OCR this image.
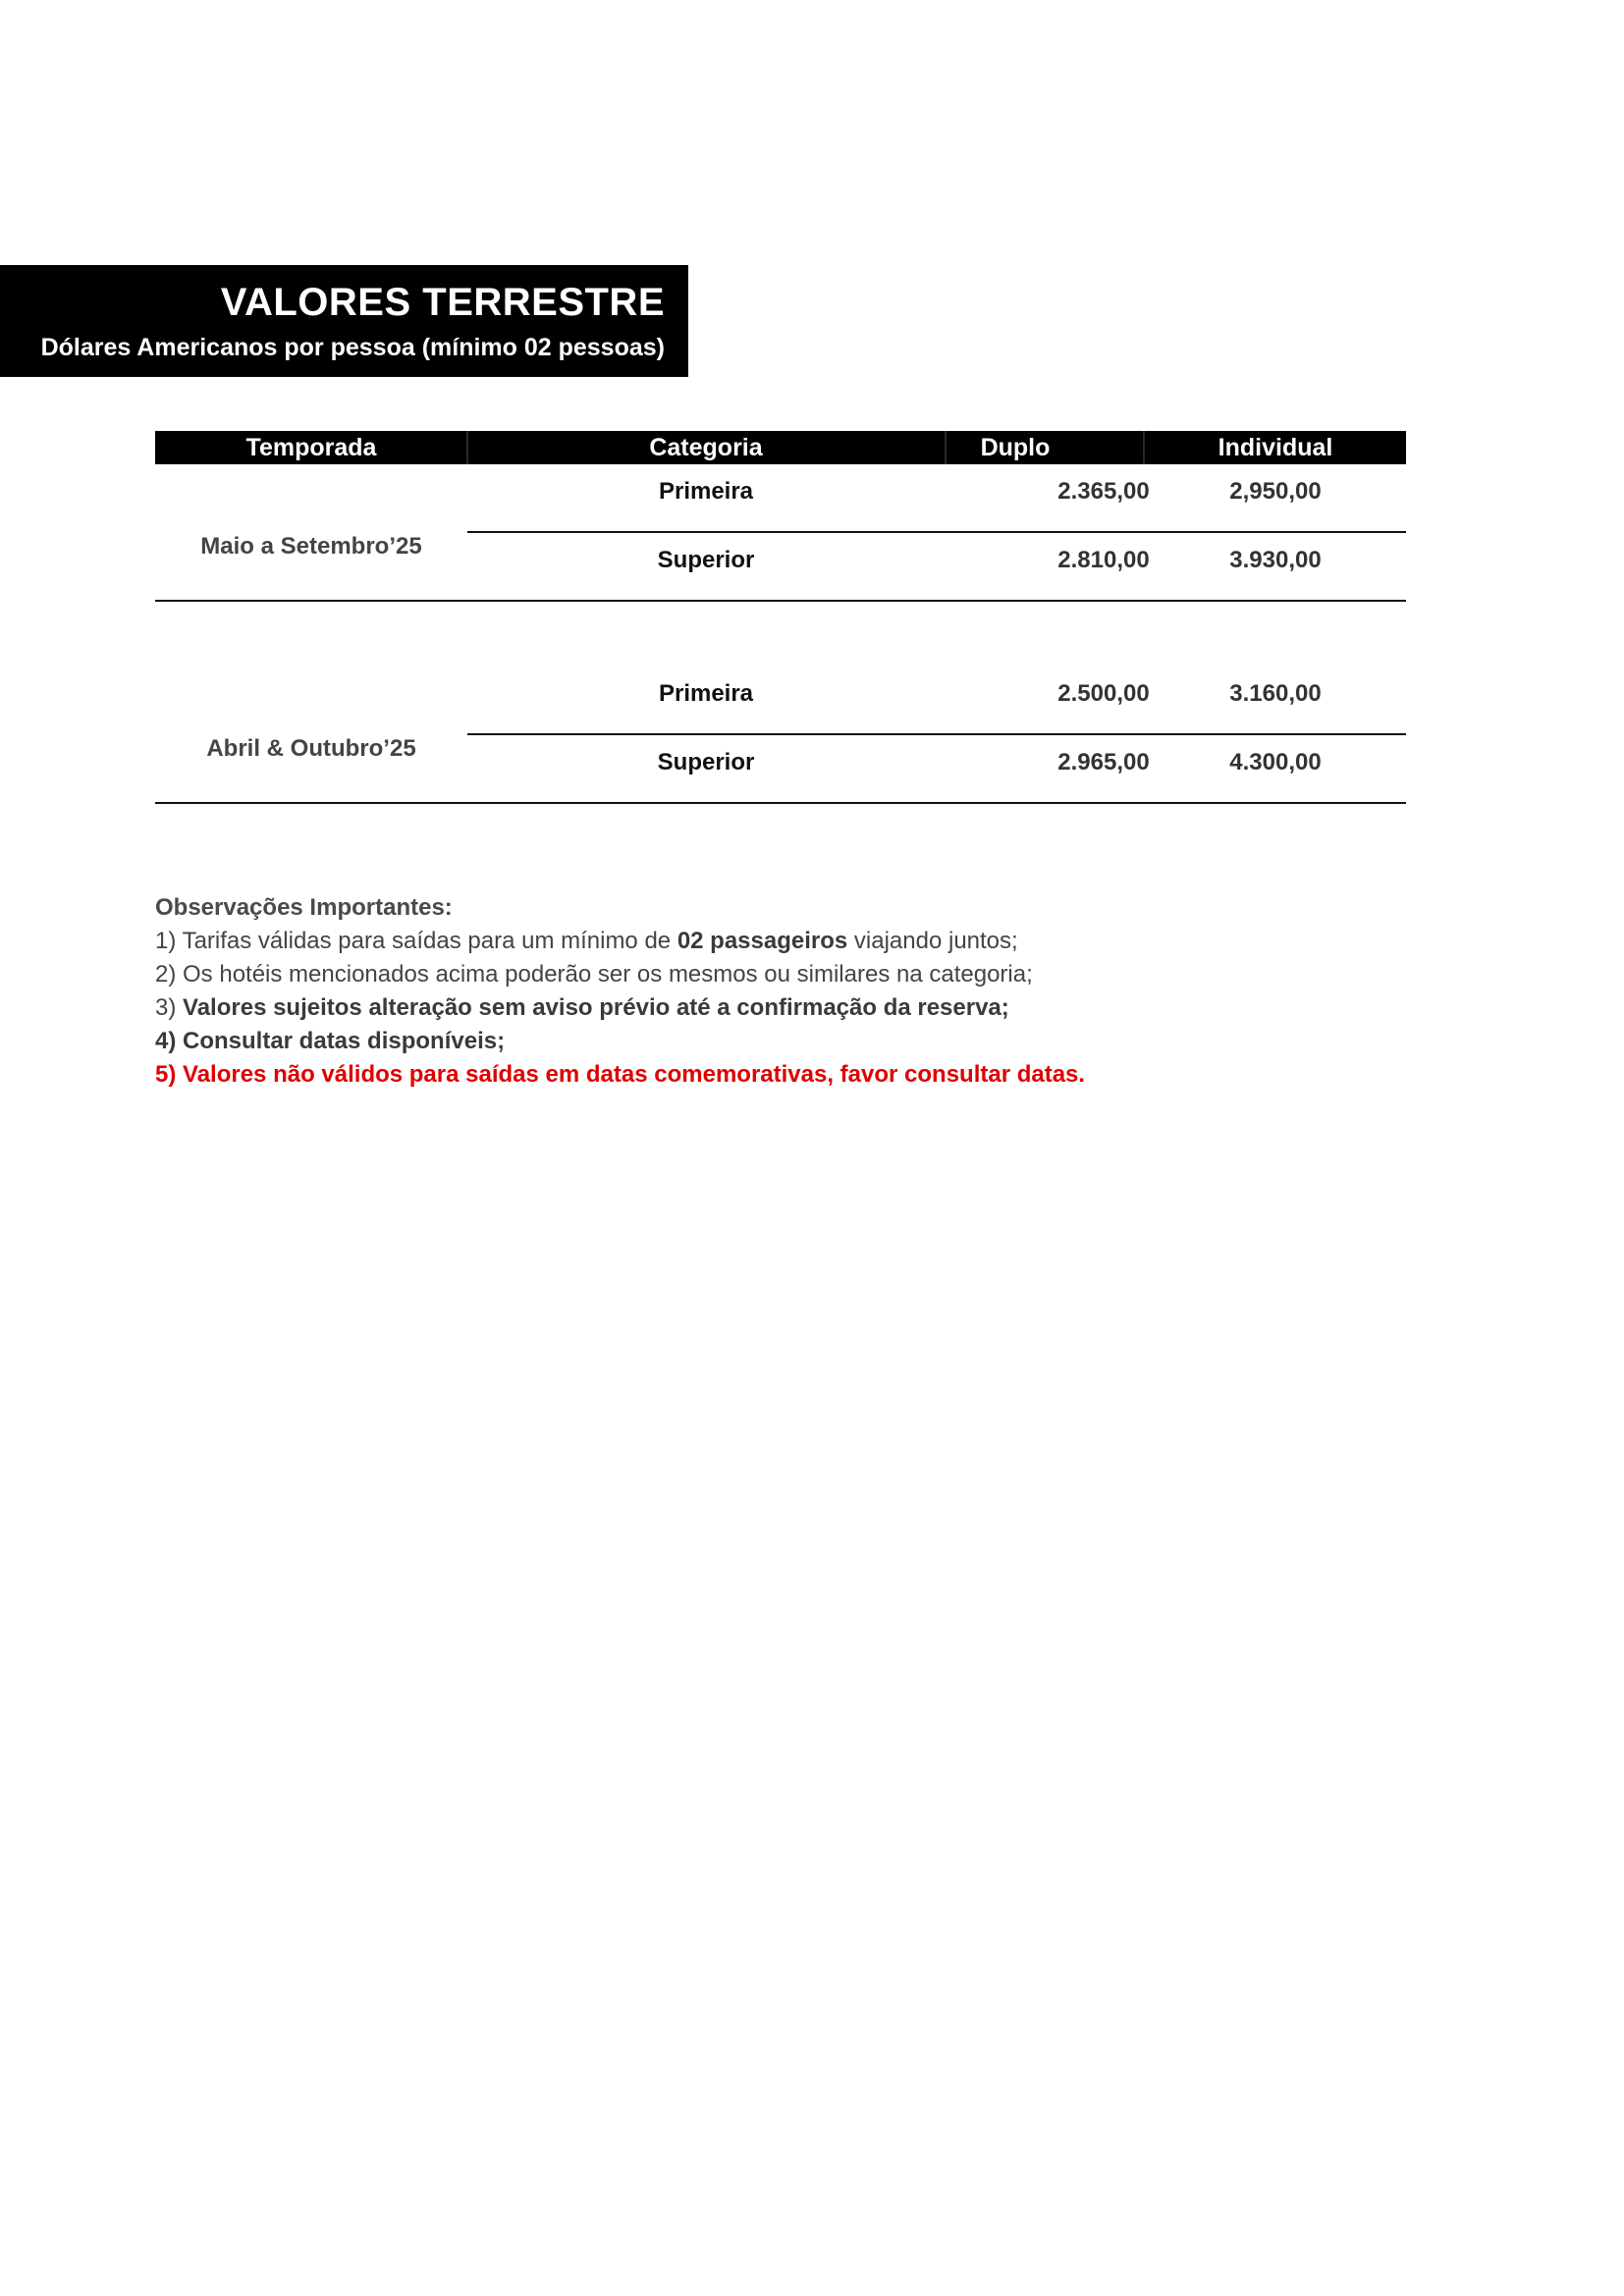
VALORES TERRESTRE
Dólares Americanos por pessoa (mínimo 02 pessoas)
Temporada	Categoria	Duplo	Individual
Maio a Setembro’25
Primeira	2.365,00	2,950,00
Superior	2.810,00	3.930,00
Abril & Outubro’25
Primeira	2.500,00	3.160,00
Superior	2.965,00	4.300,00
Observações Importantes:
1) Tarifas válidas para saídas para um mínimo de 02 passageiros viajando juntos;
2) Os hotéis mencionados acima poderão ser os mesmos ou similares na categoria;
3) Valores sujeitos alteração sem aviso prévio até a confirmação da reserva;
4) Consultar datas disponíveis;
5) Valores não válidos para saídas em datas comemorativas, favor consultar datas.
